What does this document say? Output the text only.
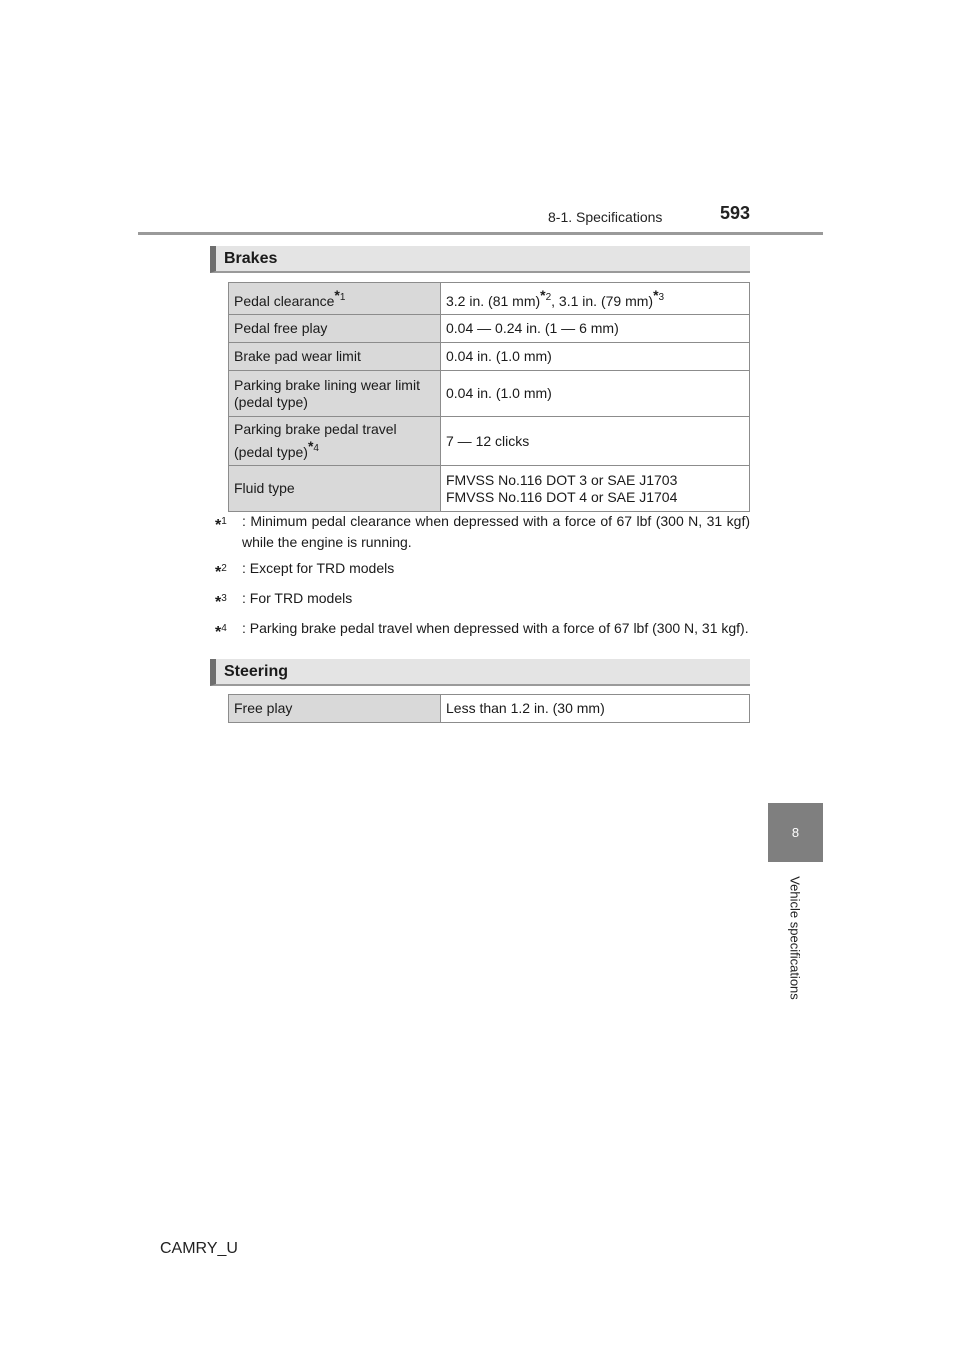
8-1. Specifications	593
8
Vehicle specifications
Brakes
Pedal clearance$^{*1}$	3.2 in. (81 mm)$^{*2}$, 3.1 in. (79 mm)$^{*3}$
Pedal free play	0.04 — 0.24 in. (1 — 6 mm)
Brake pad wear limit	0.04 in. (1.0 mm)
Parking brake lining wear limit
(pedal type)	0.04 in. (1.0 mm)
Parking brake pedal travel
(pedal type)$^{*4}$	7 — 12 clicks
Fluid type	FMVSS No.116 DOT 3 or SAE J1703
FMVSS No.116 DOT 4 or SAE J1704
*$^1$	: Minimum pedal clearance when depressed with a force of 67 lbf (300 N, 31 kgf) while the engine is running.
*$^2$	: Except for TRD models
*$^3$	: For TRD models
*$^4$	: Parking brake pedal travel when depressed with a force of 67 lbf (300 N, 31 kgf).
Steering
Free play	Less than 1.2 in. (30 mm)
CAMRY_U
